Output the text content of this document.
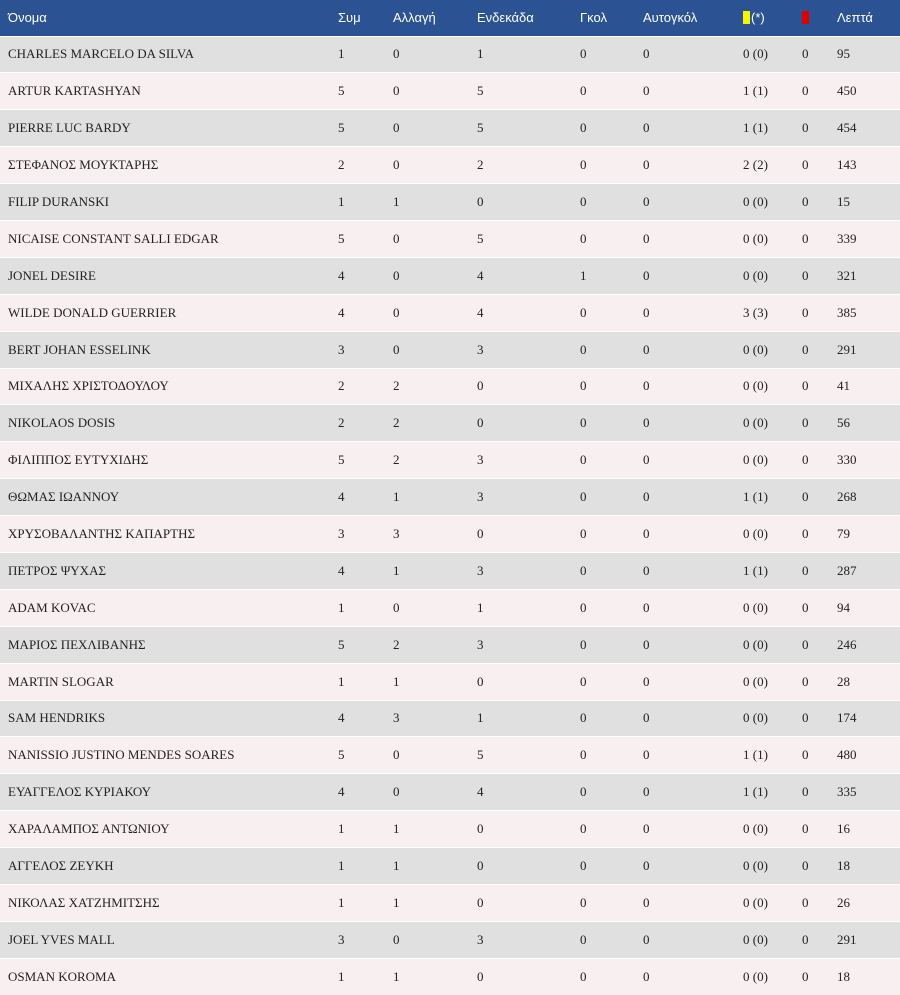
Όνομα	Συμ	Αλλαγή	Ενδεκάδα	Γκολ	Αυτογκόλ	(*)		Λεπτά
CHARLES MARCELO DA SILVA	1	0	1	0	0	0 (0)	0	95
ARTUR KARTASHYAN	5	0	5	0	0	1 (1)	0	450
PIERRE LUC BARDY	5	0	5	0	0	1 (1)	0	454
ΣΤΕΦΑΝΟΣ ΜΟΥΚΤΑΡΗΣ	2	0	2	0	0	2 (2)	0	143
FILIP DURANSKI	1	1	0	0	0	0 (0)	0	15
NICAISE CONSTANT SALLI EDGAR	5	0	5	0	0	0 (0)	0	339
JONEL DESIRE	4	0	4	1	0	0 (0)	0	321
WILDE DONALD GUERRIER	4	0	4	0	0	3 (3)	0	385
BERT JOHAN ESSELINK	3	0	3	0	0	0 (0)	0	291
ΜΙΧΑΛΗΣ ΧΡΙΣΤΟΔΟΥΛΟΥ	2	2	0	0	0	0 (0)	0	41
NIKOLAOS DOSIS	2	2	0	0	0	0 (0)	0	56
ΦΙΛΙΠΠΟΣ ΕΥΤΥΧΙΔΗΣ	5	2	3	0	0	0 (0)	0	330
ΘΩΜΑΣ ΙΩΑΝΝΟΥ	4	1	3	0	0	1 (1)	0	268
ΧΡΥΣΟΒΑΛΑΝΤΗΣ ΚΑΠΑΡΤΗΣ	3	3	0	0	0	0 (0)	0	79
ΠΕΤΡΟΣ ΨΥΧΑΣ	4	1	3	0	0	1 (1)	0	287
ADAM KOVAC	1	0	1	0	0	0 (0)	0	94
ΜΑΡΙΟΣ ΠΕΧΛΙΒΑΝΗΣ	5	2	3	0	0	0 (0)	0	246
MARTIN SLOGAR	1	1	0	0	0	0 (0)	0	28
SAM HENDRIKS	4	3	1	0	0	0 (0)	0	174
NANISSIO JUSTINO MENDES SOARES	5	0	5	0	0	1 (1)	0	480
ΕΥΑΓΓΕΛΟΣ ΚΥΡΙΑΚΟΥ	4	0	4	0	0	1 (1)	0	335
ΧΑΡΑΛΑΜΠΟΣ ΑΝΤΩΝΙΟΥ	1	1	0	0	0	0 (0)	0	16
ΑΓΓΕΛΟΣ ΖΕΥΚΗ	1	1	0	0	0	0 (0)	0	18
ΝΙΚΟΛΑΣ ΧΑΤΖΗΜΙΤΣΗΣ	1	1	0	0	0	0 (0)	0	26
JOEL YVES MALL	3	0	3	0	0	0 (0)	0	291
OSMAN KOROMA	1	1	0	0	0	0 (0)	0	18
